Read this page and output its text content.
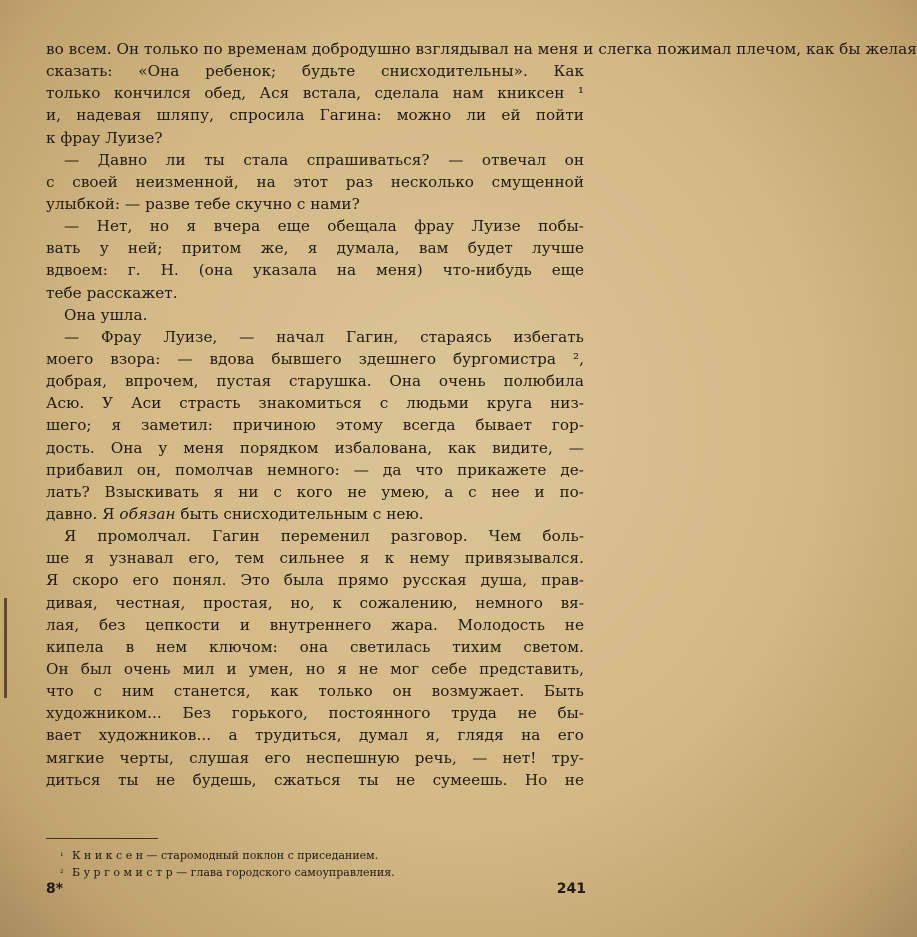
во всем. Он только по временам добродушно взглядывал на меня и слегка пожимал плечом, как бы желая
сказать: «Она ребенок; будьте снисходительны». Как
только кончился обед, Ася встала, сделала нам книксен ¹
и, надевая шляпу, спросила Гагина: можно ли ей пойти
к фрау Луизе?
— Давно ли ты стала спрашиваться? — отвечал он
с своей неизменной, на этот раз несколько смущенной
улыбкой: — разве тебе скучно с нами?
— Нет, но я вчера еще обещала фрау Луизе побы-
вать у ней; притом же, я думала, вам будет лучше
вдвоем: г. Н. (она указала на меня) что-нибудь еще
тебе расскажет.
Она ушла.
— Фрау Луизе, — начал Гагин, стараясь избегать
моего взора: — вдова бывшего здешнего бургомистра ²,
добрая, впрочем, пустая старушка. Она очень полюбила
Асю. У Аси страсть знакомиться с людьми круга низ-
шего; я заметил: причиною этому всегда бывает гор-
дость. Она у меня порядком избалована, как видите, —
прибавил он, помолчав немного: — да что прикажете де-
лать? Взыскивать я ни с кого не умею, а с нее и по-
давно. Я обязан быть снисходительным с нею.
Я промолчал. Гагин переменил разговор. Чем боль-
ше я узнавал его, тем сильнее я к нему привязывался.
Я скоро его понял. Это была прямо русская душа, прав-
дивая, честная, простая, но, к сожалению, немного вя-
лая, без цепкости и внутреннего жара. Молодость не
кипела в нем ключом: она светилась тихим светом.
Он был очень мил и умен, но я не мог себе представить,
что с ним станется, как только он возмужает. Быть
художником... Без горького, постоянного труда не бы-
вает художников... а трудиться, думал я, глядя на его
мягкие черты, слушая его неспешную речь, — нет! тру-
диться ты не будешь, сжаться ты не сумеешь. Но не
¹ К н и к с е н — старомодный поклон с приседанием.
² Б у р г о м и с т р — глава городского самоуправления.
8*	241
